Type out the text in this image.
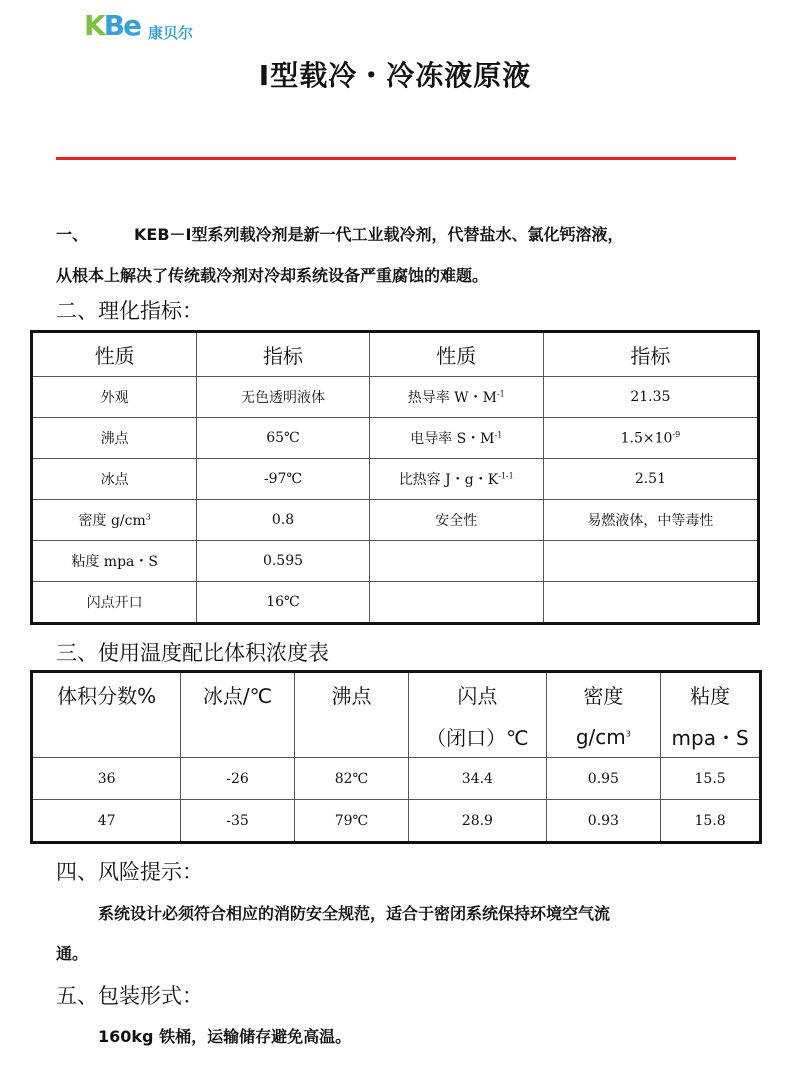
KBe 康贝尔
I型载冷・冷冻液原液
一、	KEB－I型系列载冷剂是新一代工业载冷剂，代替盐水、氯化钙溶液，
从根本上解决了传统载冷剂对冷却系统设备严重腐蚀的难题。
二、理化指标：
性质	指标	性质	指标
外观	无色透明液体	热导率 W・$M^{-1}$	21.35
沸点	65℃	电导率 S・$M^{-1}$	$1.5\times 10^{-9}$
冰点	-97℃	比热容 J・g・$K^{-1-1}$	2.51
密度 $g/cm^3$	0.8	安全性	易燃液体，中等毒性
粘度 mpa・S	0.595		
闪点开口	16℃		
三、使用温度配比体积浓度表
体积分数%	冰点/℃	沸点	闪点	密度	粘度
			（闭口）℃	$g/cm^3$	mpa・S
36	-26	82℃	34.4	0.95	15.5
47	-35	79℃	28.9	0.93	15.8
四、风险提示：
系统设计必须符合相应的消防安全规范，适合于密闭系统保持环境空气流
通。
五、包装形式：
160kg 铁桶，运输储存避免高温。
